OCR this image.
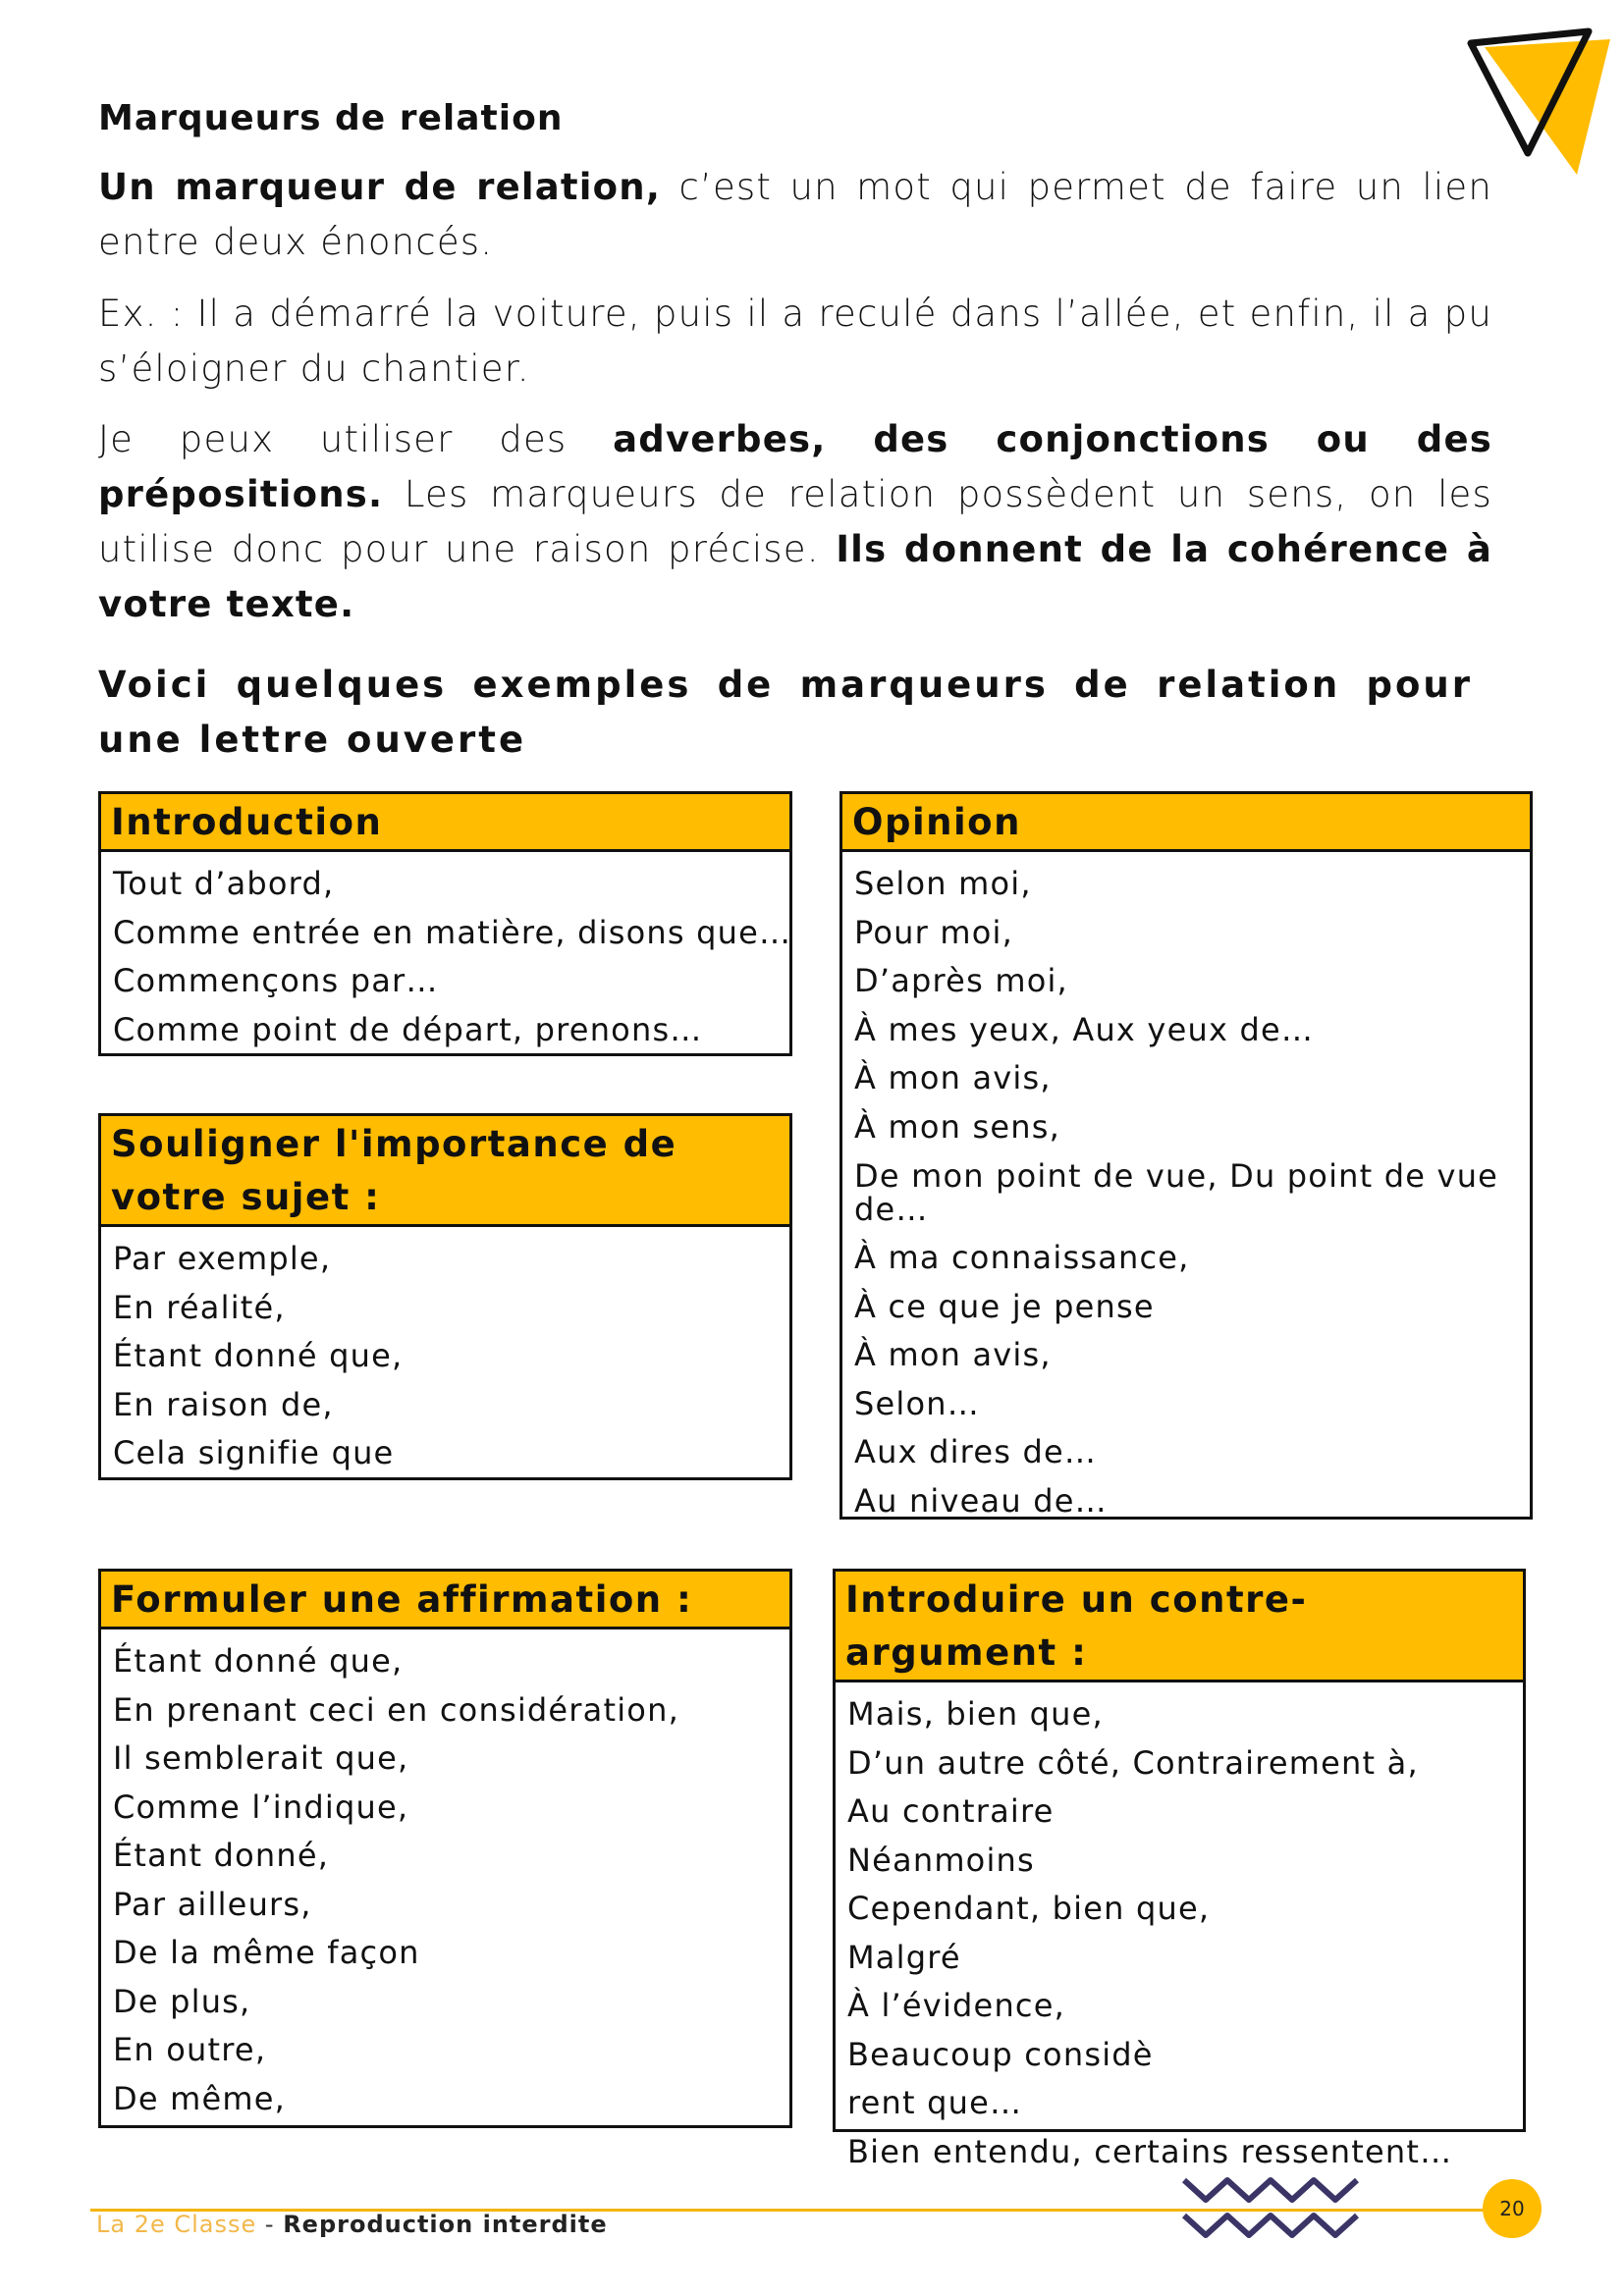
Marqueurs de relation
Un marqueur de relation, c’est un mot qui permet de faire un lien entre deux énoncés.
Ex. : Il a démarré la voiture, puis il a reculé dans l’allée, et enfin, il a pu s’éloigner du chantier.
Je peux utiliser des adverbes, des conjonctions ou des prépositions. Les marqueurs de relation possèdent un sens, on les utilise donc pour une raison précise. Ils donnent de la cohérence à votre texte.
Voici quelques exemples de marqueurs de relation pour une lettre ouverte
Introduction
Tout d’abord,
Comme entrée en matière, disons que…
Commençons par…
Comme point de départ, prenons…
Opinion
Selon moi,
Pour moi,
D’après moi,
À mes yeux, Aux yeux de…
À mon avis,
À mon sens,
De mon point de vue, Du point de vue de…
À ma connaissance,
À ce que je pense
À mon avis,
Selon…
Aux dires de…
Au niveau de…
Souligner l'importance de votre sujet :
Par exemple,
En réalité,
Étant donné que,
En raison de,
Cela signifie que
Formuler une affirmation :
Étant donné que,
En prenant ceci en considération,
Il semblerait que,
Comme l’indique,
Étant donné,
Par ailleurs,
De la même façon
De plus,
En outre,
De même,
Introduire un contre-argument :
Mais, bien que,
D’un autre côté, Contrairement à,
Au contraire
Néanmoins
Cependant, bien que,
Malgré
À l’évidence,
Beaucoup considè
rent que…
Bien entendu, certains ressentent…
La 2e Classe - Reproduction interdite
20
